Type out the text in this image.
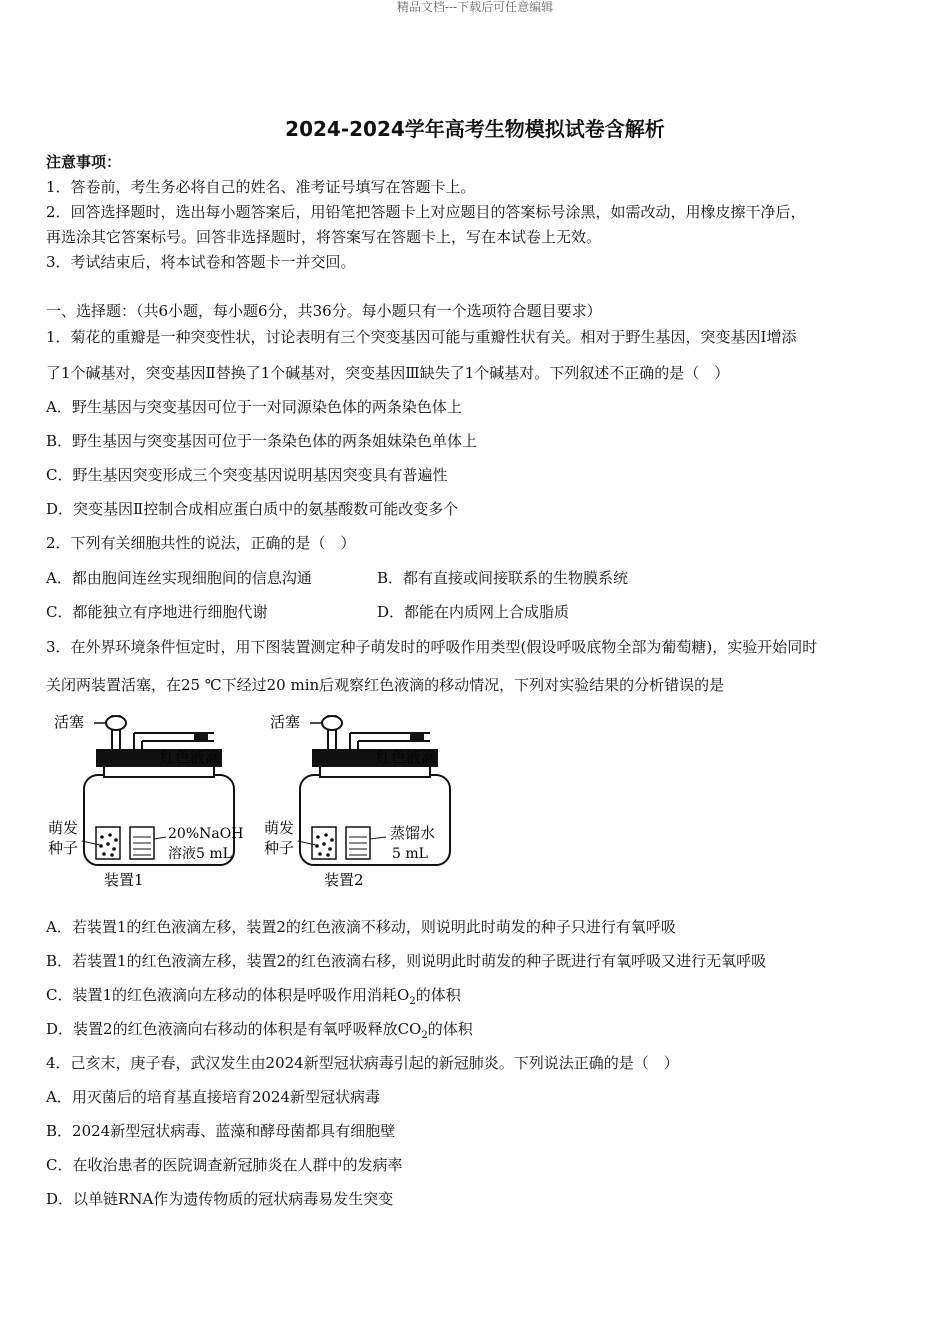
精品文档---下载后可任意编辑
2024-2024学年高考生物模拟试卷含解析
注意事项：
1．答卷前，考生务必将自己的姓名、准考证号填写在答题卡上。
2．回答选择题时，选出每小题答案后，用铅笔把答题卡上对应题目的答案标号涂黑，如需改动，用橡皮擦干净后，
再选涂其它答案标号。回答非选择题时，将答案写在答题卡上，写在本试卷上无效。
3．考试结束后，将本试卷和答题卡一并交回。
一、选择题：（共6小题，每小题6分，共36分。每小题只有一个选项符合题目要求）
1．菊花的重瓣是一种突变性状，讨论表明有三个突变基因可能与重瓣性状有关。相对于野生基因，突变基因Ⅰ增添
了1个碱基对，突变基因Ⅱ替换了1个碱基对，突变基因Ⅲ缺失了1个碱基对。下列叙述不正确的是（　）
A．野生基因与突变基因可位于一对同源染色体的两条染色体上
B．野生基因与突变基因可位于一条染色体的两条姐妹染色单体上
C．野生基因突变形成三个突变基因说明基因突变具有普遍性
D．突变基因Ⅱ控制合成相应蛋白质中的氨基酸数可能改变多个
2．下列有关细胞共性的说法，正确的是（　）
A．都由胞间连丝实现细胞间的信息沟通	B．都有直接或间接联系的生物膜系统
C．都能独立有序地进行细胞代谢	D．都能在内质网上合成脂质
3．在外界环境条件恒定时，用下图装置测定种子萌发时的呼吸作用类型(假设呼吸底物全部为葡萄糖)，实验开始同时
关闭两装置活塞，在25 ℃下经过20 min后观察红色液滴的移动情况，下列对实验结果的分析错误的是
活塞
红色液滴
萌发
种子
20%NaOH
溶液5 mL
装置1
活塞
红色液滴
萌发
种子
蒸馏水
5 mL
装置2
A．若装置1的红色液滴左移，装置2的红色液滴不移动，则说明此时萌发的种子只进行有氧呼吸
B．若装置1的红色液滴左移，装置2的红色液滴右移，则说明此时萌发的种子既进行有氧呼吸又进行无氧呼吸
C．装置1的红色液滴向左移动的体积是呼吸作用消耗$O_2$的体积
D．装置2的红色液滴向右移动的体积是有氧呼吸释放$CO_2$的体积
4．己亥末，庚子春，武汉发生由2024新型冠状病毒引起的新冠肺炎。下列说法正确的是（　）
A．用灭菌后的培育基直接培育2024新型冠状病毒
B．2024新型冠状病毒、蓝藻和酵母菌都具有细胞壁
C．在收治患者的医院调查新冠肺炎在人群中的发病率
D．以单链RNA作为遗传物质的冠状病毒易发生突变
